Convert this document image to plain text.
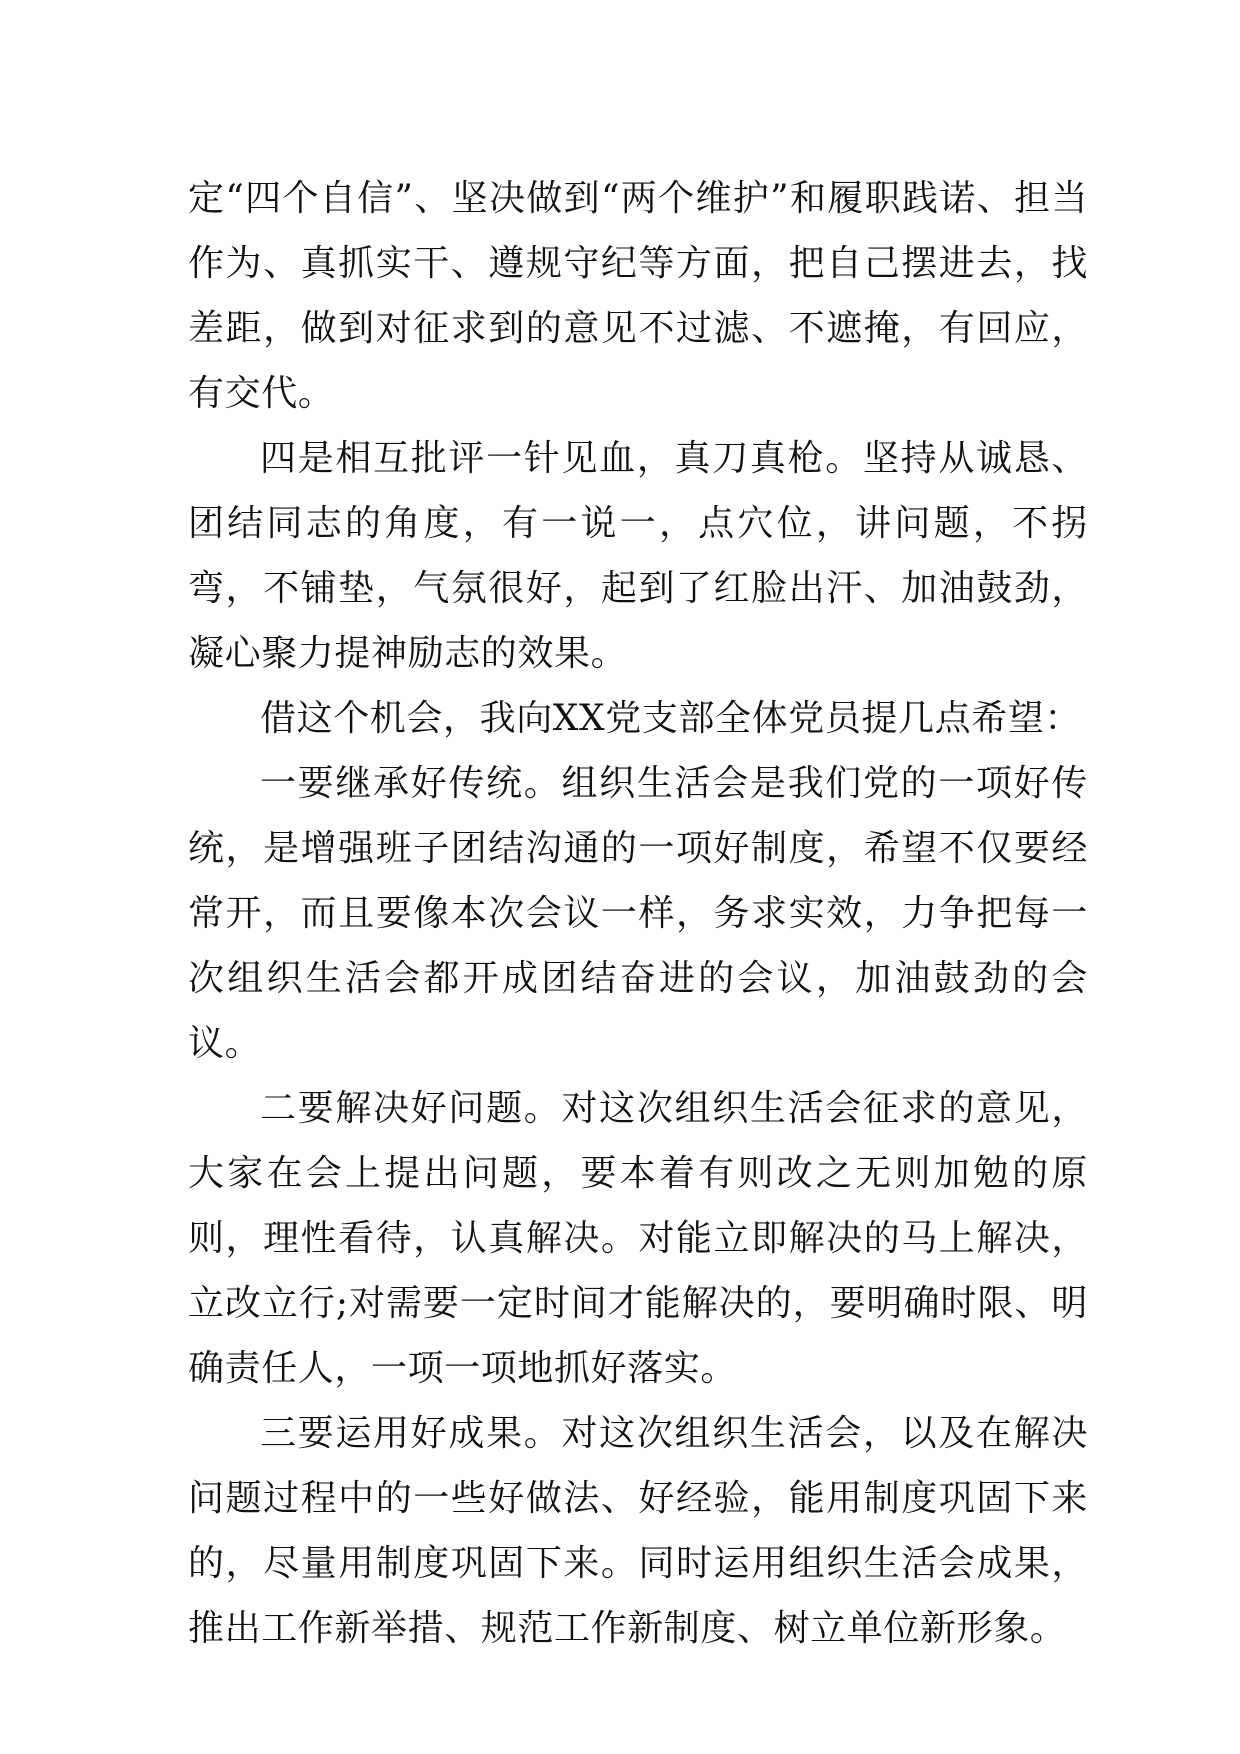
定“四个自信”、坚决做到“两个维护”和履职践诺、担当作为、真抓实干、遵规守纪等方面，把自己摆进去，找差距，做到对征求到的意见不过滤、不遮掩，有回应，有交代。

四是相互批评一针见血，真刀真枪。坚持从诚恳、团结同志的角度，有一说一，点穴位，讲问题，不拐弯，不铺垫，气氛很好，起到了红脸出汗、加油鼓劲，凝心聚力提神励志的效果。

借这个机会，我向XX党支部全体党员提几点希望：

一要继承好传统。组织生活会是我们党的一项好传统，是增强班子团结沟通的一项好制度，希望不仅要经常开，而且要像本次会议一样，务求实效，力争把每一次组织生活会都开成团结奋进的会议，加油鼓劲的会议。

二要解决好问题。对这次组织生活会征求的意见，大家在会上提出问题，要本着有则改之无则加勉的原则，理性看待，认真解决。对能立即解决的马上解决，立改立行;对需要一定时间才能解决的，要明确时限、明确责任人，一项一项地抓好落实。

三要运用好成果。对这次组织生活会，以及在解决问题过程中的一些好做法、好经验，能用制度巩固下来的，尽量用制度巩固下来。同时运用组织生活会成果，推出工作新举措、规范工作新制度、树立单位新形象。
